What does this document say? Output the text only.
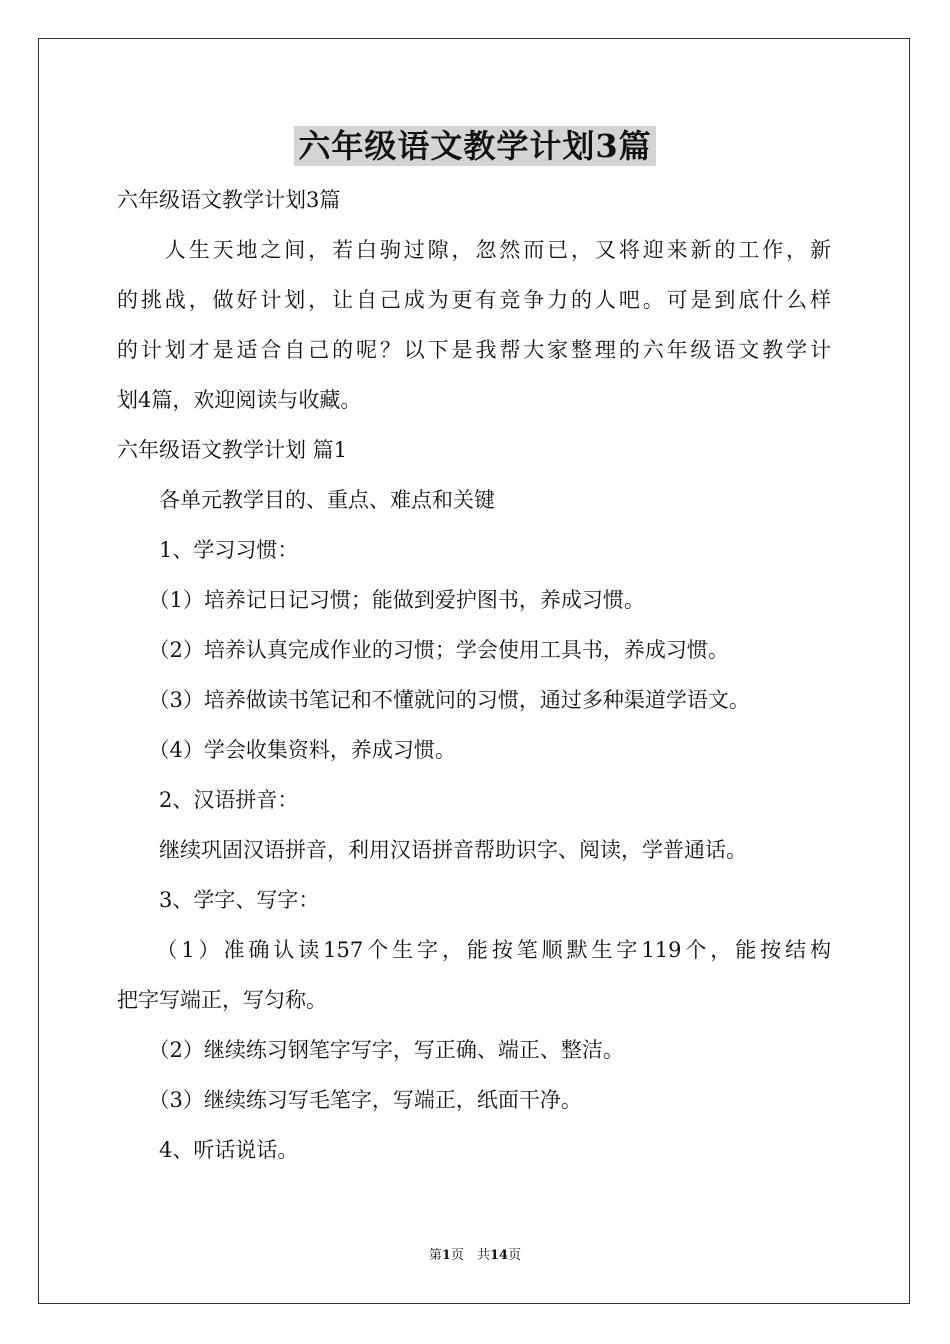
六年级语文教学计划3篇
六年级语文教学计划3篇
　　人生天地之间，若白驹过隙，忽然而已，又将迎来新的工作，新
的挑战，做好计划，让自己成为更有竞争力的人吧。可是到底什么样
的计划才是适合自己的呢？以下是我帮大家整理的六年级语文教学计
划4篇，欢迎阅读与收藏。
六年级语文教学计划 篇1
　　各单元教学目的、重点、难点和关键
　　1、学习习惯：
　　（1）培养记日记习惯；能做到爱护图书，养成习惯。
　　（2）培养认真完成作业的习惯；学会使用工具书，养成习惯。
　　（3）培养做读书笔记和不懂就问的习惯，通过多种渠道学语文。
　　（4）学会收集资料，养成习惯。
　　2、汉语拼音：
　　继续巩固汉语拼音，利用汉语拼音帮助识字、阅读，学普通话。
　　3、学字、写字：
　　（1）准确认读157个生字，能按笔顺默生字119个，能按结构
把字写端正，写匀称。
　　（2）继续练习钢笔字写字，写正确、端正、整洁。
　　（3）继续练习写毛笔字，写端正，纸面干净。
　　4、听话说话。
第1页　共14页
